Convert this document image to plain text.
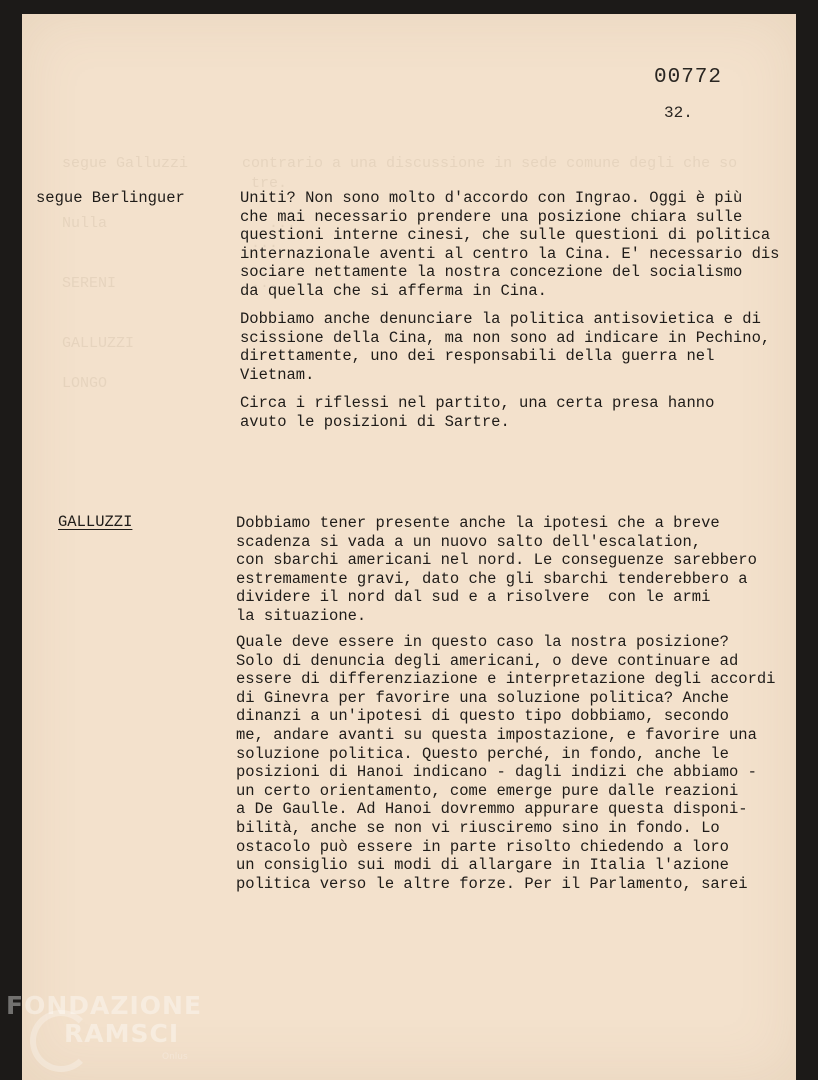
segue Galluzzi      contrario a una discussione in sede comune degli che so
tre.

Nulla                  ...
...

SERENI               ...

GALLUZZI

LONGO
00772
32.
segue Berlinguer	Uniti? Non sono molto d'accordo con Ingrao. Oggi è più
che mai necessario prendere una posizione chiara sulle
questioni interne cinesi, che sulle questioni di politica
internazionale aventi al centro la Cina. E' necessario dis
sociare nettamente la nostra concezione del socialismo
da quella che si afferma in Cina.
Dobbiamo anche denunciare la politica antisovietica e di
scissione della Cina, ma non sono ad indicare in Pechino,
direttamente, uno dei responsabili della guerra nel
Vietnam.
Circa i riflessi nel partito, una certa presa hanno
avuto le posizioni di Sartre.
GALLUZZI	Dobbiamo tener presente anche la ipotesi che a breve
scadenza si vada a un nuovo salto dell'escalation,
con sbarchi americani nel nord. Le conseguenze sarebbero
estremamente gravi, dato che gli sbarchi tenderebbero a
dividere il nord dal sud e a risolvere  con le armi
la situazione.
Quale deve essere in questo caso la nostra posizione?
Solo di denuncia degli americani, o deve continuare ad
essere di differenziazione e interpretazione degli accordi
di Ginevra per favorire una soluzione politica? Anche
dinanzi a un'ipotesi di questo tipo dobbiamo, secondo
me, andare avanti su questa impostazione, e favorire una
soluzione politica. Questo perché, in fondo, anche le
posizioni di Hanoi indicano - dagli indizi che abbiamo -
un certo orientamento, come emerge pure dalle reazioni
a De Gaulle. Ad Hanoi dovremmo appurare questa disponi-
bilità, anche se non vi riusciremo sino in fondo. Lo
ostacolo può essere in parte risolto chiedendo a loro
un consiglio sui modi di allargare in Italia l'azione
politica verso le altre forze. Per il Parlamento, sarei
FONDAZIONE
RAMSCI
Onlus
